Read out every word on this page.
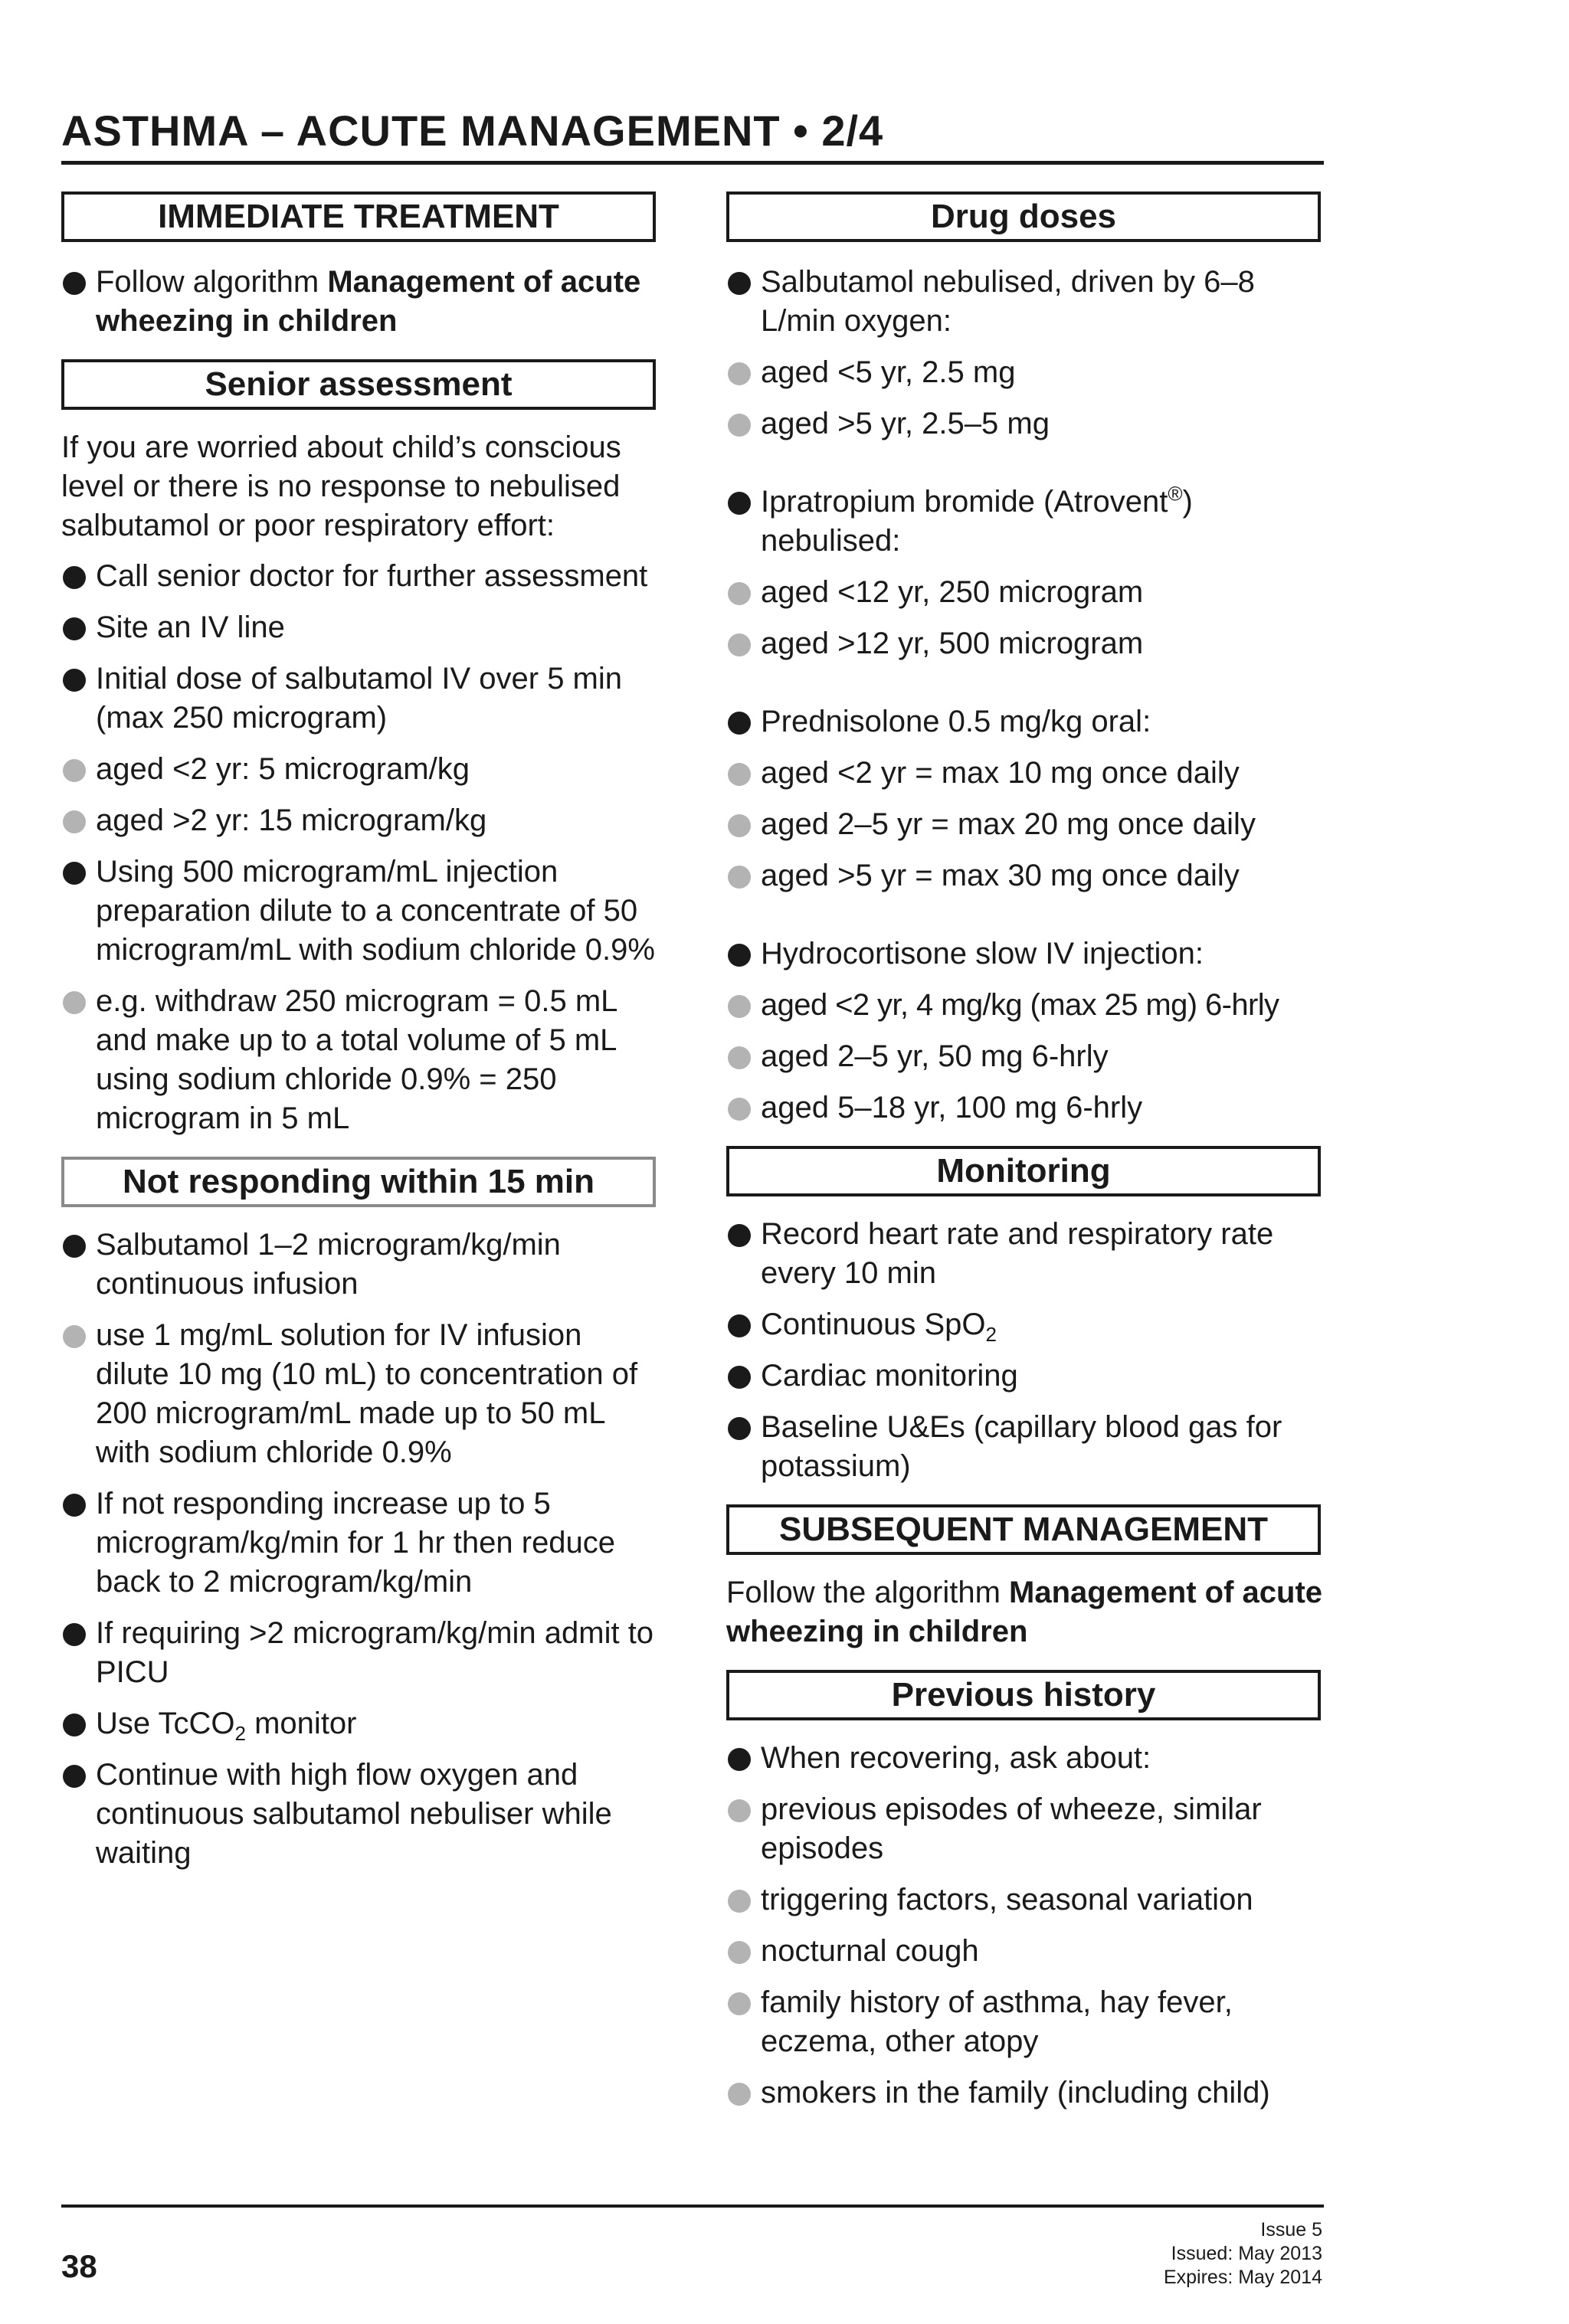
ASTHMA – ACUTE MANAGEMENT • 2/4
IMMEDIATE TREATMENT
Follow algorithm Management of acute wheezing in children
Senior assessment
If you are worried about child’s conscious level or there is no response to nebulised salbutamol or poor respiratory effort:
Call senior doctor for further assessment
Site an IV line
Initial dose of salbutamol IV over 5 min (max 250 microgram)
aged <2 yr: 5 microgram/kg
aged >2 yr: 15 microgram/kg
Using 500 microgram/mL injection preparation dilute to a concentrate of 50 microgram/mL with sodium chloride 0.9%
e.g. withdraw 250 microgram = 0.5 mL and make up to a total volume of 5 mL using sodium chloride 0.9% = 250 microgram in 5 mL
Not responding within 15 min
Salbutamol 1–2 microgram/kg/min continuous infusion
use 1 mg/mL solution for IV infusion dilute 10 mg (10 mL) to concentration of 200 microgram/mL made up to 50 mL with sodium chloride 0.9%
If not responding increase up to 5 microgram/kg/min for 1 hr then reduce back to 2 microgram/kg/min
If requiring >2 microgram/kg/min admit to PICU
Use TcCO$_2$ monitor
Continue with high flow oxygen and continuous salbutamol nebuliser while waiting
Drug doses
Salbutamol nebulised, driven by 6–8 L/min oxygen:
aged <5 yr, 2.5 mg
aged >5 yr, 2.5–5 mg
Ipratropium bromide (Atrovent®) nebulised:
aged <12 yr, 250 microgram
aged >12 yr, 500 microgram
Prednisolone 0.5 mg/kg oral:
aged <2 yr = max 10 mg once daily
aged 2–5 yr = max 20 mg once daily
aged >5 yr = max 30 mg once daily
Hydrocortisone slow IV injection:
aged <2 yr, 4 mg/kg (max 25 mg) 6-hrly
aged 2–5 yr, 50 mg 6-hrly
aged 5–18 yr, 100 mg 6-hrly
Monitoring
Record heart rate and respiratory rate every 10 min
Continuous SpO$_2$
Cardiac monitoring
Baseline U&Es (capillary blood gas for potassium)
SUBSEQUENT MANAGEMENT
Follow the algorithm Management of acute wheezing in children
Previous history
When recovering, ask about:
previous episodes of wheeze, similar episodes
triggering factors, seasonal variation
nocturnal cough
family history of asthma, hay fever, eczema, other atopy
smokers in the family (including child)
38
Issue 5
Issued: May 2013
Expires: May 2014
